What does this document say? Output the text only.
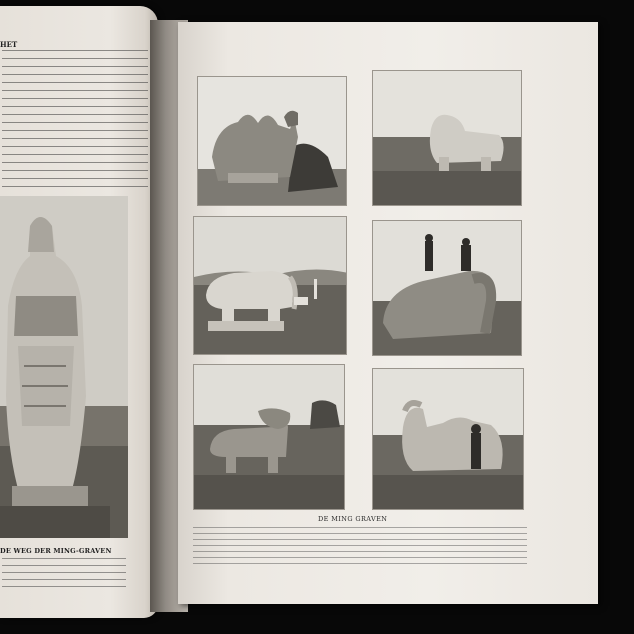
HET
DE WEG DER MING-GRAVEN
DE MING GRAVEN
